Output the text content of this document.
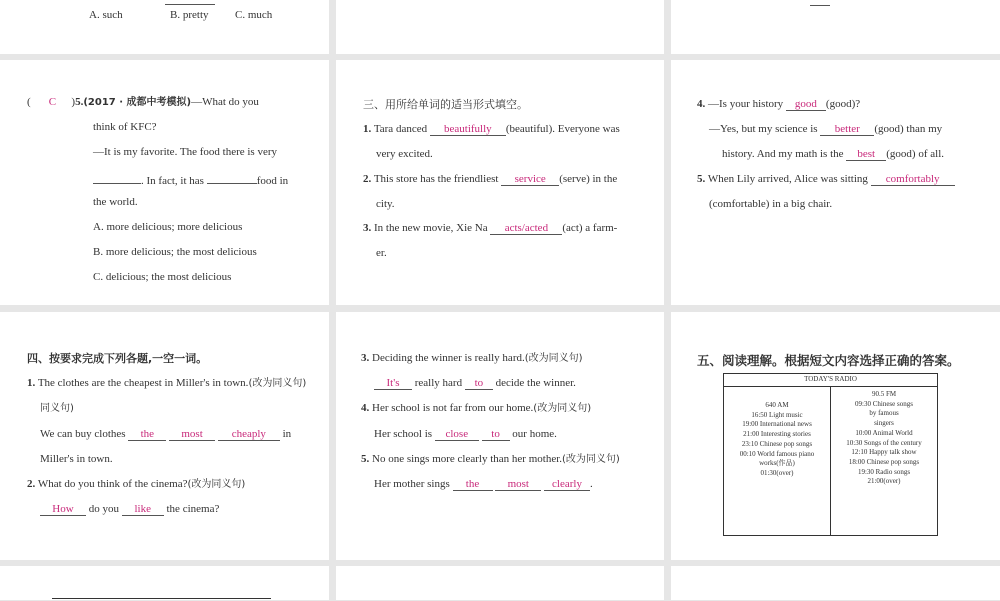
A. such	B. pretty C. much
( C )5.(2017 · 成都中考模拟)—What do you
think of KFC?
—It is my favorite. The food there is very
. In fact, it has	food in
the world.
A. more delicious; more delicious
B. more delicious; the most delicious
C. delicious; the most delicious
三、用所给单词的适当形式填空。
1. Tara danced beautifully (beautiful). Everyone was
very excited.
2. This store has the friendliest service (serve) in the
city.
3. In the new movie, Xie Na acts/acted (act) a farm-
er.
4. —Is your history good (good)?
—Yes, but my science is better (good) than my
history. And my math is the best (good) of all.
5. When Lily arrived, Alice was sitting comfortably
(comfortable) in a big chair.
四、按要求完成下列各题,一空一词。
1. The clothes are the cheapest in Miller's in town.(改为同义句)
同义句)
We can buy clothes the most	cheaply in
Miller's in town.
2. What do you think of the cinema?(改为同义句)
How do you like the cinema?
3. Deciding the winner is really hard.(改为同义句)
It's really hard to decide the winner.
4. Her school is not far from our home.(改为同义句)
Her school is close to our home.
5. No one sings more clearly than her mother.(改为同义句)
Her mother sings the	most clearly .
五、阅读理解。根据短文内容选择正确的答案。
TODAY'S RADIO

640 AM
16:50 Light music
19:00 International news
21:00 Interesting stories
23:10 Chinese pop songs
00:10 World famous piano
works(作品)
01:30(over)

90.5 FM
09:30 Chinese songs
by famous
singers
10:00 Animal World
10:30 Songs of the century
12:10 Happy talk show
18:00 Chinese pop songs
19:30 Radio songs
21:00(over)
